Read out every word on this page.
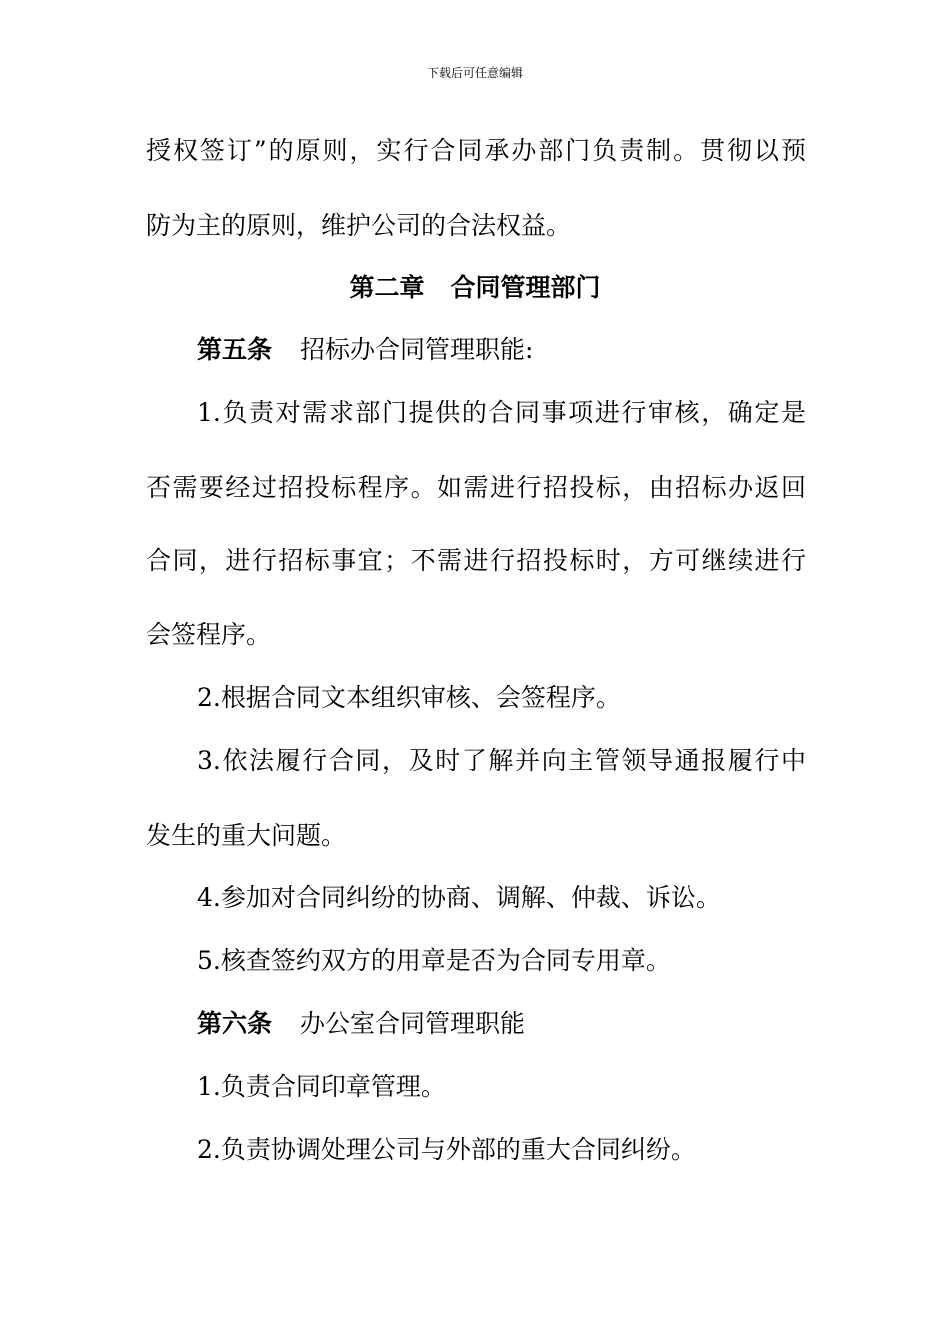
下载后可任意编辑
授权签订”的原则，实行合同承办部门负责制。贯彻以预
防为主的原则，维护公司的合法权益。
第二章 合同管理部门
第五条 招标办合同管理职能:
1.负责对需求部门提供的合同事项进行审核，确定是
否需要经过招投标程序。如需进行招投标，由招标办返回
合同，进行招标事宜；不需进行招投标时，方可继续进行
会签程序。
2.根据合同文本组织审核、会签程序。
3.依法履行合同，及时了解并向主管领导通报履行中
发生的重大问题。
4.参加对合同纠纷的协商、调解、仲裁、诉讼。
5.核查签约双方的用章是否为合同专用章。
第六条 办公室合同管理职能
1.负责合同印章管理。
2.负责协调处理公司与外部的重大合同纠纷。
